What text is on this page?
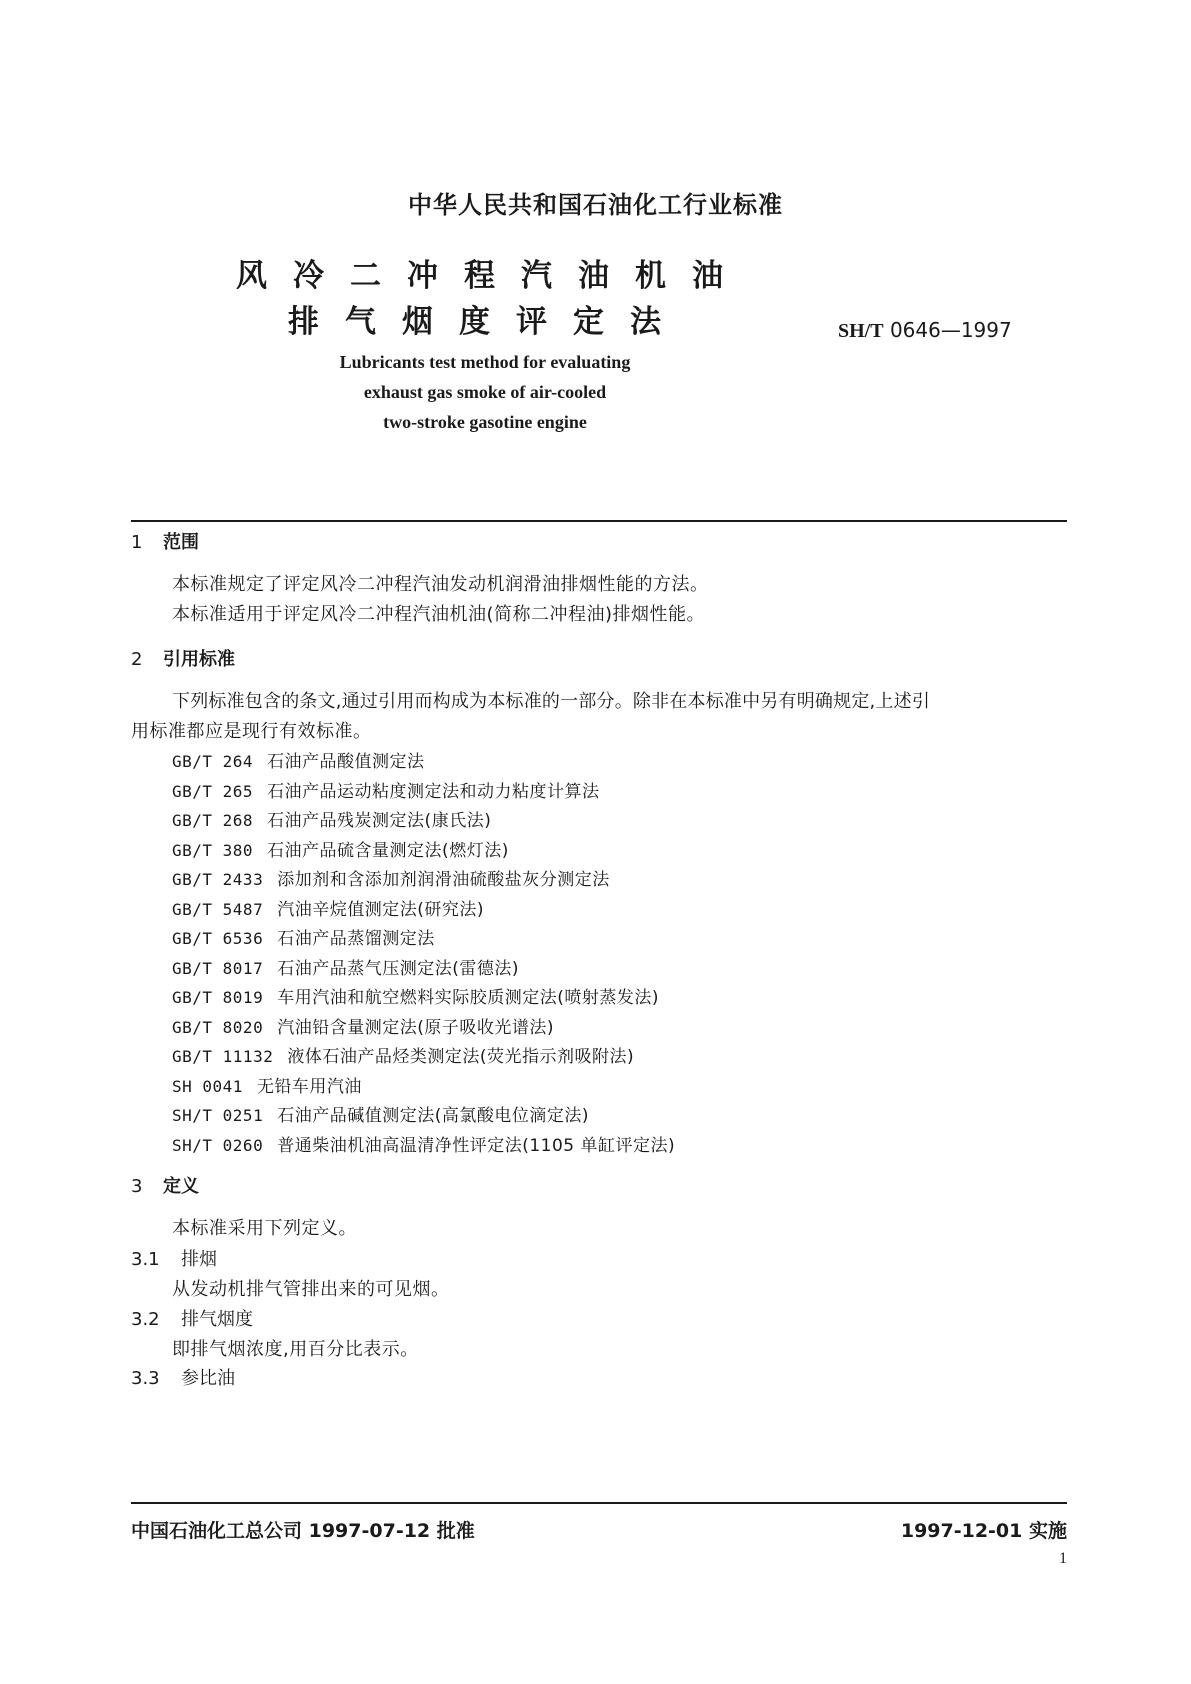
中华人民共和国石油化工行业标准
风冷二冲程汽油机油
排气烟度评定法	SH/T 0646—1997
Lubricants test method for evaluating
exhaust gas smoke of air-cooled
two-stroke gasotine engine
1 范围
本标准规定了评定风冷二冲程汽油发动机润滑油排烟性能的方法。
本标准适用于评定风冷二冲程汽油机油(简称二冲程油)排烟性能。
2 引用标准
下列标准包含的条文,通过引用而构成为本标准的一部分。除非在本标准中另有明确规定,上述引
用标准都应是现行有效标准。
GB/T 264 石油产品酸值测定法
GB/T 265 石油产品运动粘度测定法和动力粘度计算法
GB/T 268 石油产品残炭测定法(康氏法)
GB/T 380 石油产品硫含量测定法(燃灯法)
GB/T 2433 添加剂和含添加剂润滑油硫酸盐灰分测定法
GB/T 5487 汽油辛烷值测定法(研究法)
GB/T 6536 石油产品蒸馏测定法
GB/T 8017 石油产品蒸气压测定法(雷德法)
GB/T 8019 车用汽油和航空燃料实际胶质测定法(喷射蒸发法)
GB/T 8020 汽油铅含量测定法(原子吸收光谱法)
GB/T 11132 液体石油产品烃类测定法(荧光指示剂吸附法)
SH 0041 无铅车用汽油
SH/T 0251 石油产品碱值测定法(高氯酸电位滴定法)
SH/T 0260 普通柴油机油高温清净性评定法(1105 单缸评定法)
3 定义
本标准采用下列定义。
3.1 排烟
从发动机排气管排出来的可见烟。
3.2 排气烟度
即排气烟浓度,用百分比表示。
3.3 参比油
中国石油化工总公司 1997-07-12 批准	1997-12-01 实施
1
